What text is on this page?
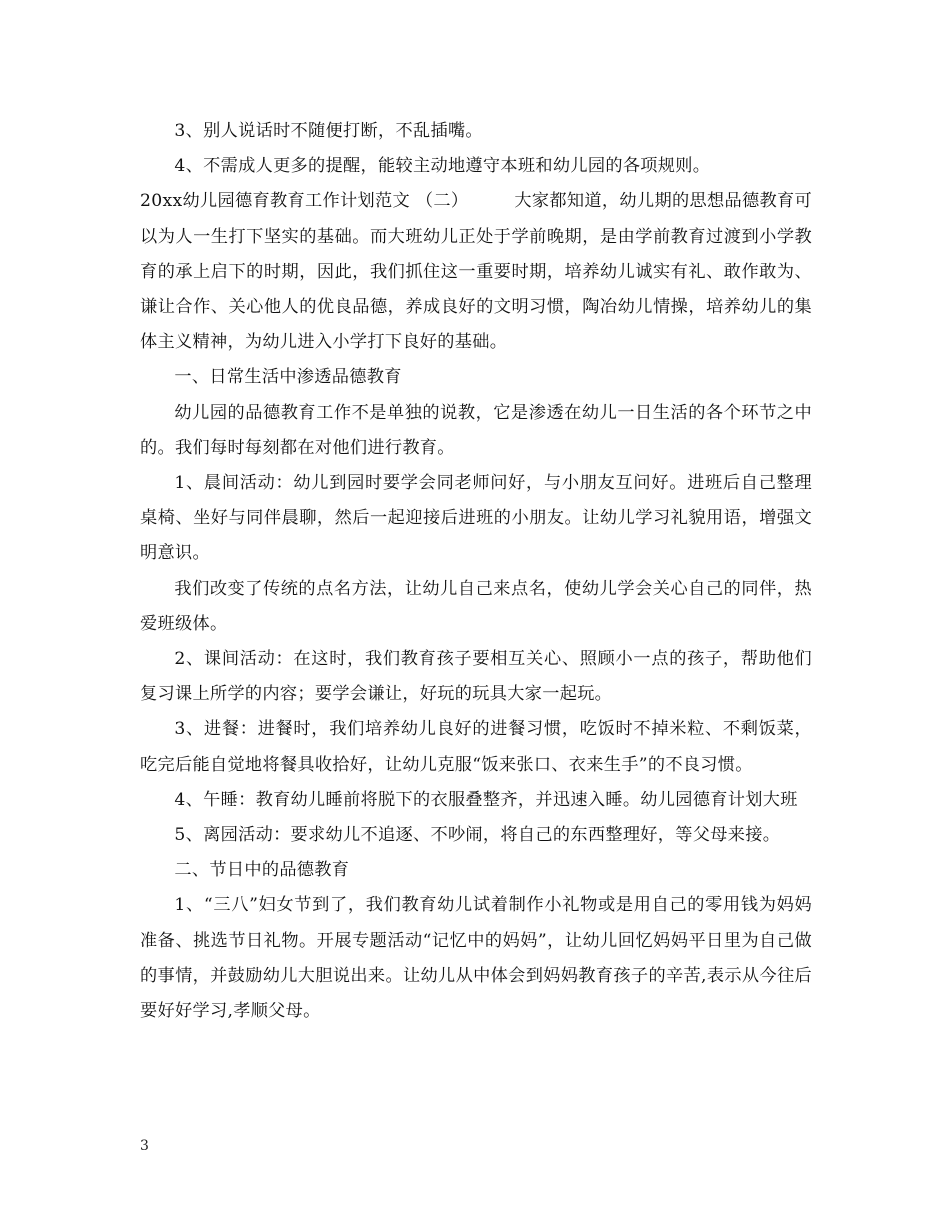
3、别人说话时不随便打断，不乱插嘴。

4、不需成人更多的提醒，能较主动地遵守本班和幼儿园的各项规则。

20xx幼儿园德育教育工作计划范文 （二）	大家都知道，幼儿期的思想品德教育可以为人一生打下坚实的基础。而大班幼儿正处于学前晚期，是由学前教育过渡到小学教育的承上启下的时期，因此，我们抓住这一重要时期，培养幼儿诚实有礼、敢作敢为、谦让合作、关心他人的优良品德，养成良好的文明习惯，陶冶幼儿情操，培养幼儿的集体主义精神，为幼儿进入小学打下良好的基础。

一、日常生活中渗透品德教育

幼儿园的品德教育工作不是单独的说教，它是渗透在幼儿一日生活的各个环节之中的。我们每时每刻都在对他们进行教育。

1、晨间活动：幼儿到园时要学会同老师问好，与小朋友互问好。进班后自己整理桌椅、坐好与同伴晨聊，然后一起迎接后进班的小朋友。让幼儿学习礼貌用语，增强文明意识。

我们改变了传统的点名方法，让幼儿自己来点名，使幼儿学会关心自己的同伴，热爱班级体。

2、课间活动：在这时，我们教育孩子要相互关心、照顾小一点的孩子，帮助他们复习课上所学的内容；要学会谦让，好玩的玩具大家一起玩。

3、进餐：进餐时，我们培养幼儿良好的进餐习惯，吃饭时不掉米粒、不剩饭菜，吃完后能自觉地将餐具收拾好，让幼儿克服“饭来张口、衣来生手”的不良习惯。

4、午睡：教育幼儿睡前将脱下的衣服叠整齐，并迅速入睡。幼儿园德育计划大班

5、离园活动：要求幼儿不追逐、不吵闹，将自己的东西整理好，等父母来接。

二、节日中的品德教育

1、“三八”妇女节到了，我们教育幼儿试着制作小礼物或是用自己的零用钱为妈妈准备、挑选节日礼物。开展专题活动“记忆中的妈妈”，让幼儿回忆妈妈平日里为自己做的事情，并鼓励幼儿大胆说出来。让幼儿从中体会到妈妈教育孩子的辛苦,表示从今往后要好好学习,孝顺父母。

3
